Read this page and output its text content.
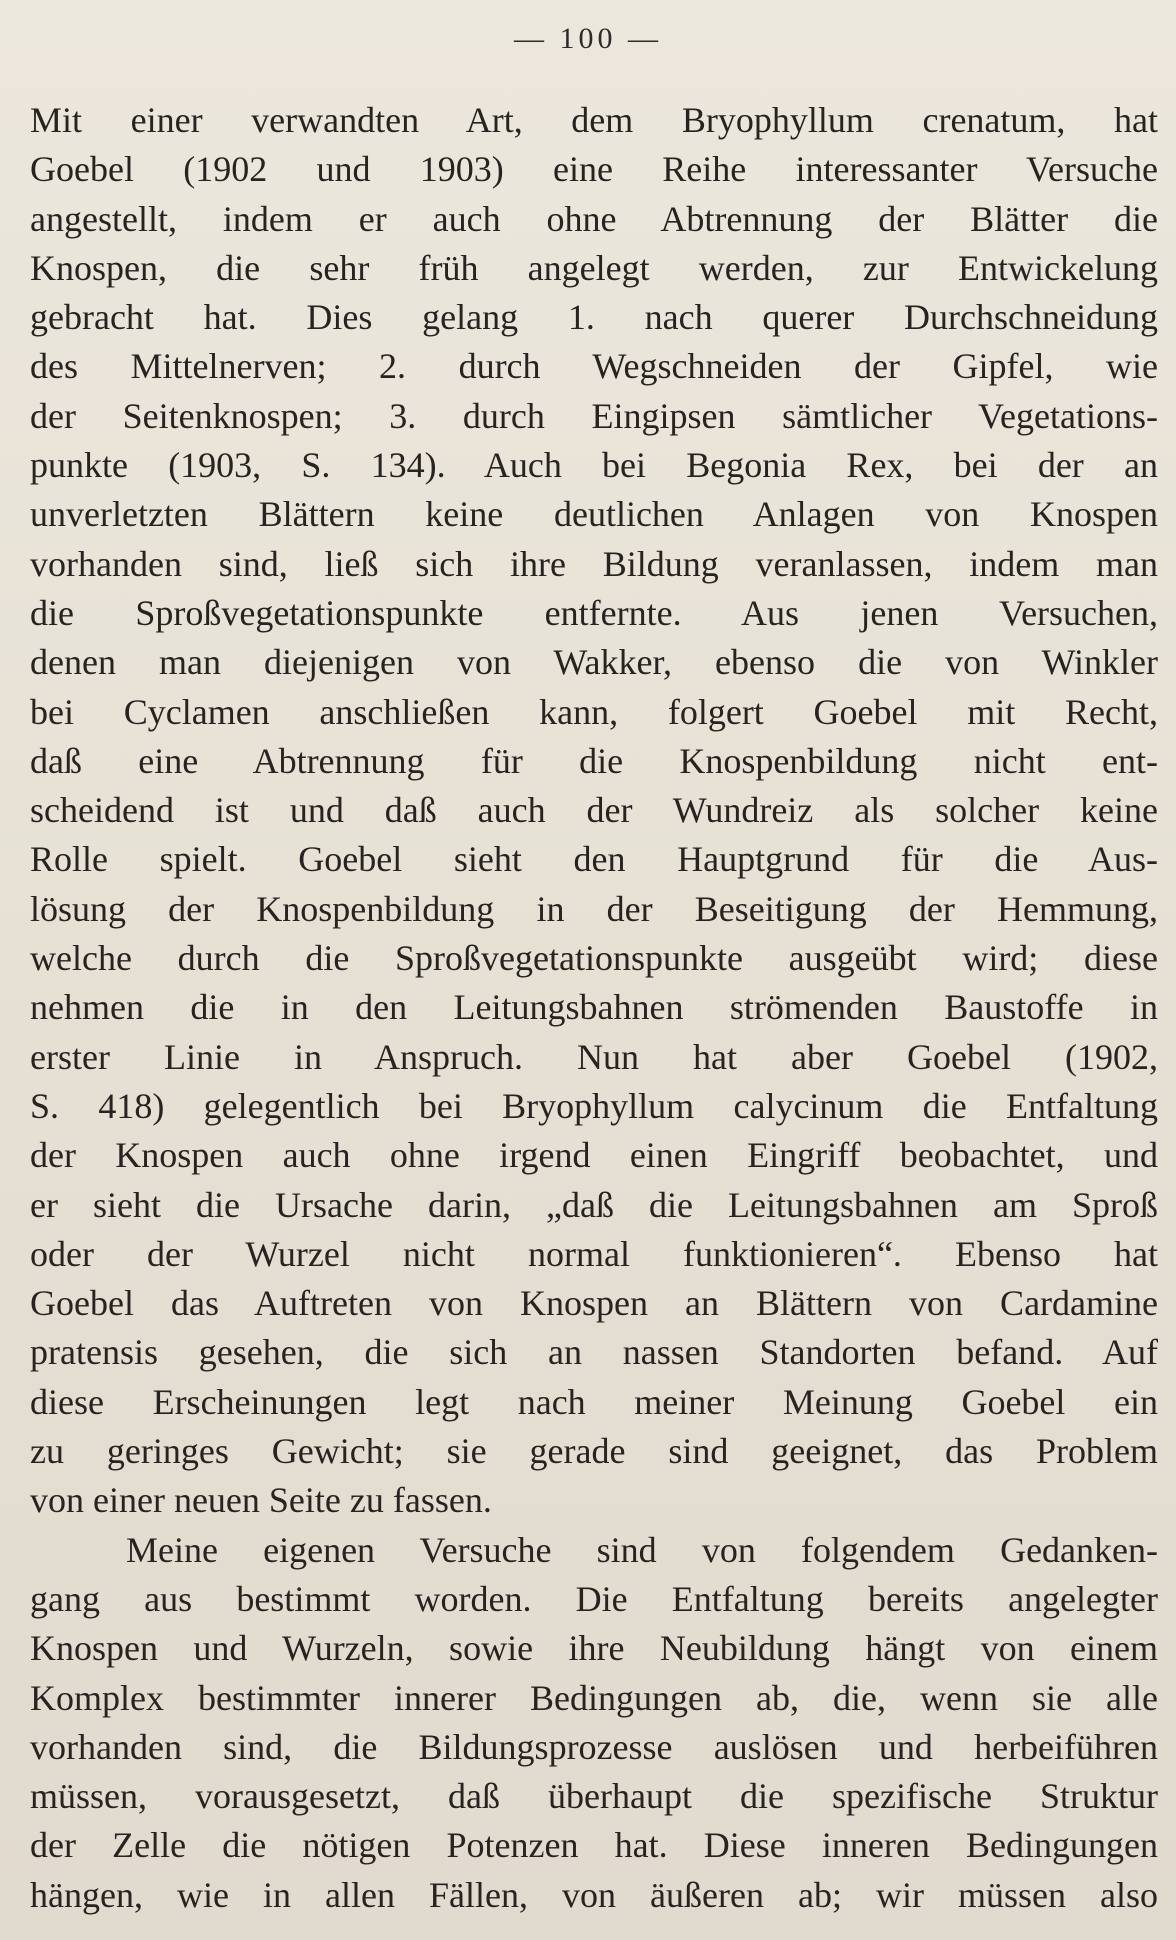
— 100 —
Mit einer verwandten Art, dem Bryophyllum crenatum, hat
Goebel (1902 und 1903) eine Reihe interessanter Versuche
angestellt, indem er auch ohne Abtrennung der Blätter die
Knospen, die sehr früh angelegt werden, zur Entwickelung
gebracht hat. Dies gelang 1. nach querer Durchschneidung
des Mittelnerven; 2. durch Wegschneiden der Gipfel, wie
der Seitenknospen; 3. durch Eingipsen sämtlicher Vegetations-
punkte (1903, S. 134). Auch bei Begonia Rex, bei der an
unverletzten Blättern keine deutlichen Anlagen von Knospen
vorhanden sind, ließ sich ihre Bildung veranlassen, indem man
die Sproßvegetationspunkte entfernte. Aus jenen Versuchen,
denen man diejenigen von Wakker, ebenso die von Winkler
bei Cyclamen anschließen kann, folgert Goebel mit Recht,
daß eine Abtrennung für die Knospenbildung nicht ent-
scheidend ist und daß auch der Wundreiz als solcher keine
Rolle spielt. Goebel sieht den Hauptgrund für die Aus-
lösung der Knospenbildung in der Beseitigung der Hemmung,
welche durch die Sproßvegetationspunkte ausgeübt wird; diese
nehmen die in den Leitungsbahnen strömenden Baustoffe in
erster Linie in Anspruch. Nun hat aber Goebel (1902,
S. 418) gelegentlich bei Bryophyllum calycinum die Entfaltung
der Knospen auch ohne irgend einen Eingriff beobachtet, und
er sieht die Ursache darin, „daß die Leitungsbahnen am Sproß
oder der Wurzel nicht normal funktionieren“. Ebenso hat
Goebel das Auftreten von Knospen an Blättern von Cardamine
pratensis gesehen, die sich an nassen Standorten befand. Auf
diese Erscheinungen legt nach meiner Meinung Goebel ein
zu geringes Gewicht; sie gerade sind geeignet, das Problem
von einer neuen Seite zu fassen.
Meine eigenen Versuche sind von folgendem Gedanken-
gang aus bestimmt worden. Die Entfaltung bereits angelegter
Knospen und Wurzeln, sowie ihre Neubildung hängt von einem
Komplex bestimmter innerer Bedingungen ab, die, wenn sie alle
vorhanden sind, die Bildungsprozesse auslösen und herbeiführen
müssen, vorausgesetzt, daß überhaupt die spezifische Struktur
der Zelle die nötigen Potenzen hat. Diese inneren Bedingungen
hängen, wie in allen Fällen, von äußeren ab; wir müssen also
